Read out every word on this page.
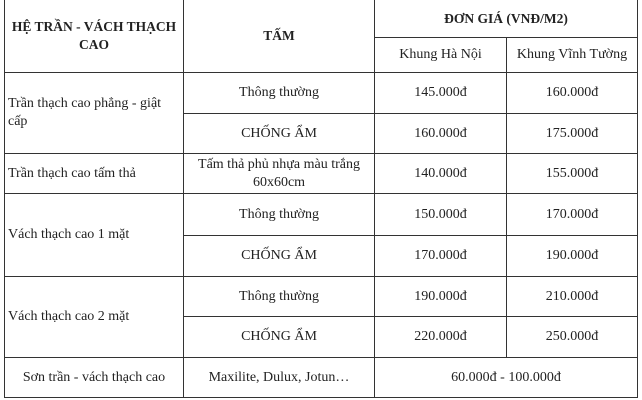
HỆ TRẦN - VÁCH THẠCH CAO	TẤM	ĐƠN GIÁ (VNĐ/M2)	
		Khung Hà Nội	Khung Vĩnh Tường
Trần thạch cao phẳng - giật cấp	Thông thường	145.000đ	160.000đ
	CHỐNG ẨM	160.000đ	175.000đ
Trần thạch cao tấm thả	Tấm thả phủ nhựa màu trắng 60x60cm	140.000đ	155.000đ
Vách thạch cao 1 mặt	Thông thường	150.000đ	170.000đ
	CHỐNG ẨM	170.000đ	190.000đ
Vách thạch cao 2 mặt	Thông thường	190.000đ	210.000đ
	CHỐNG ẨM	220.000đ	250.000đ
Sơn trần - vách thạch cao	Maxilite, Dulux, Jotun…	60.000đ - 100.000đ	
